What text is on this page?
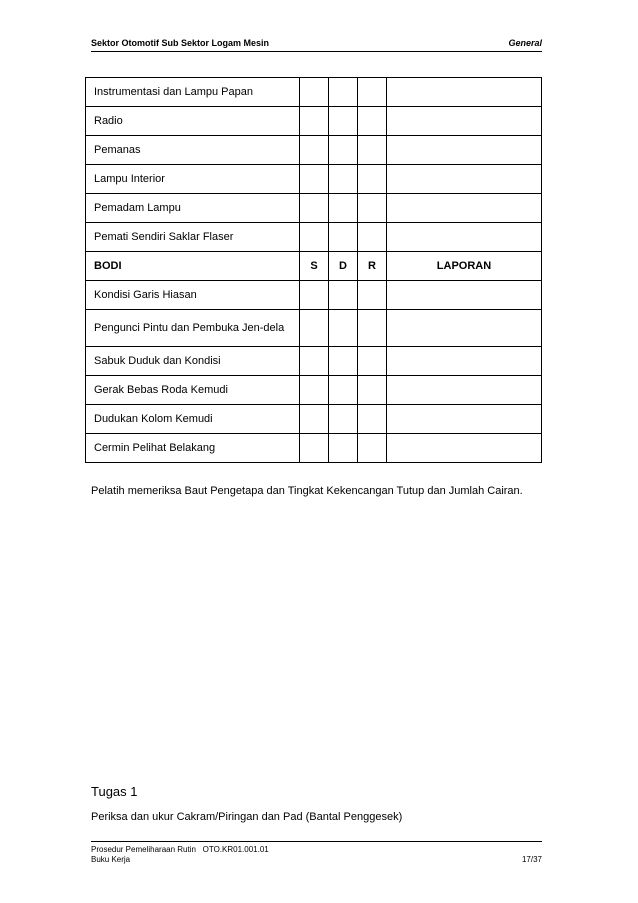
Sektor Otomotif Sub Sektor Logam Mesin	General
Instrumentasi dan Lampu Papan				
Radio				
Pemanas				
Lampu Interior				
Pemadam Lampu				
Pemati Sendiri Saklar Flaser				
BODI	S	D	R	LAPORAN
Kondisi Garis Hiasan				
Pengunci Pintu dan Pembuka Jen-dela				
Sabuk Duduk dan Kondisi				
Gerak Bebas Roda Kemudi				
Dudukan Kolom Kemudi				
Cermin Pelihat Belakang				
Pelatih memeriksa Baut Pengetapa dan Tingkat Kekencangan Tutup dan Jumlah Cairan.
Tugas 1
Periksa dan ukur Cakram/Piringan dan Pad (Bantal Penggesek)
Prosedur Pemeliharaan Rutin   OTO.KR01.001.01
Buku Kerja	17/37
